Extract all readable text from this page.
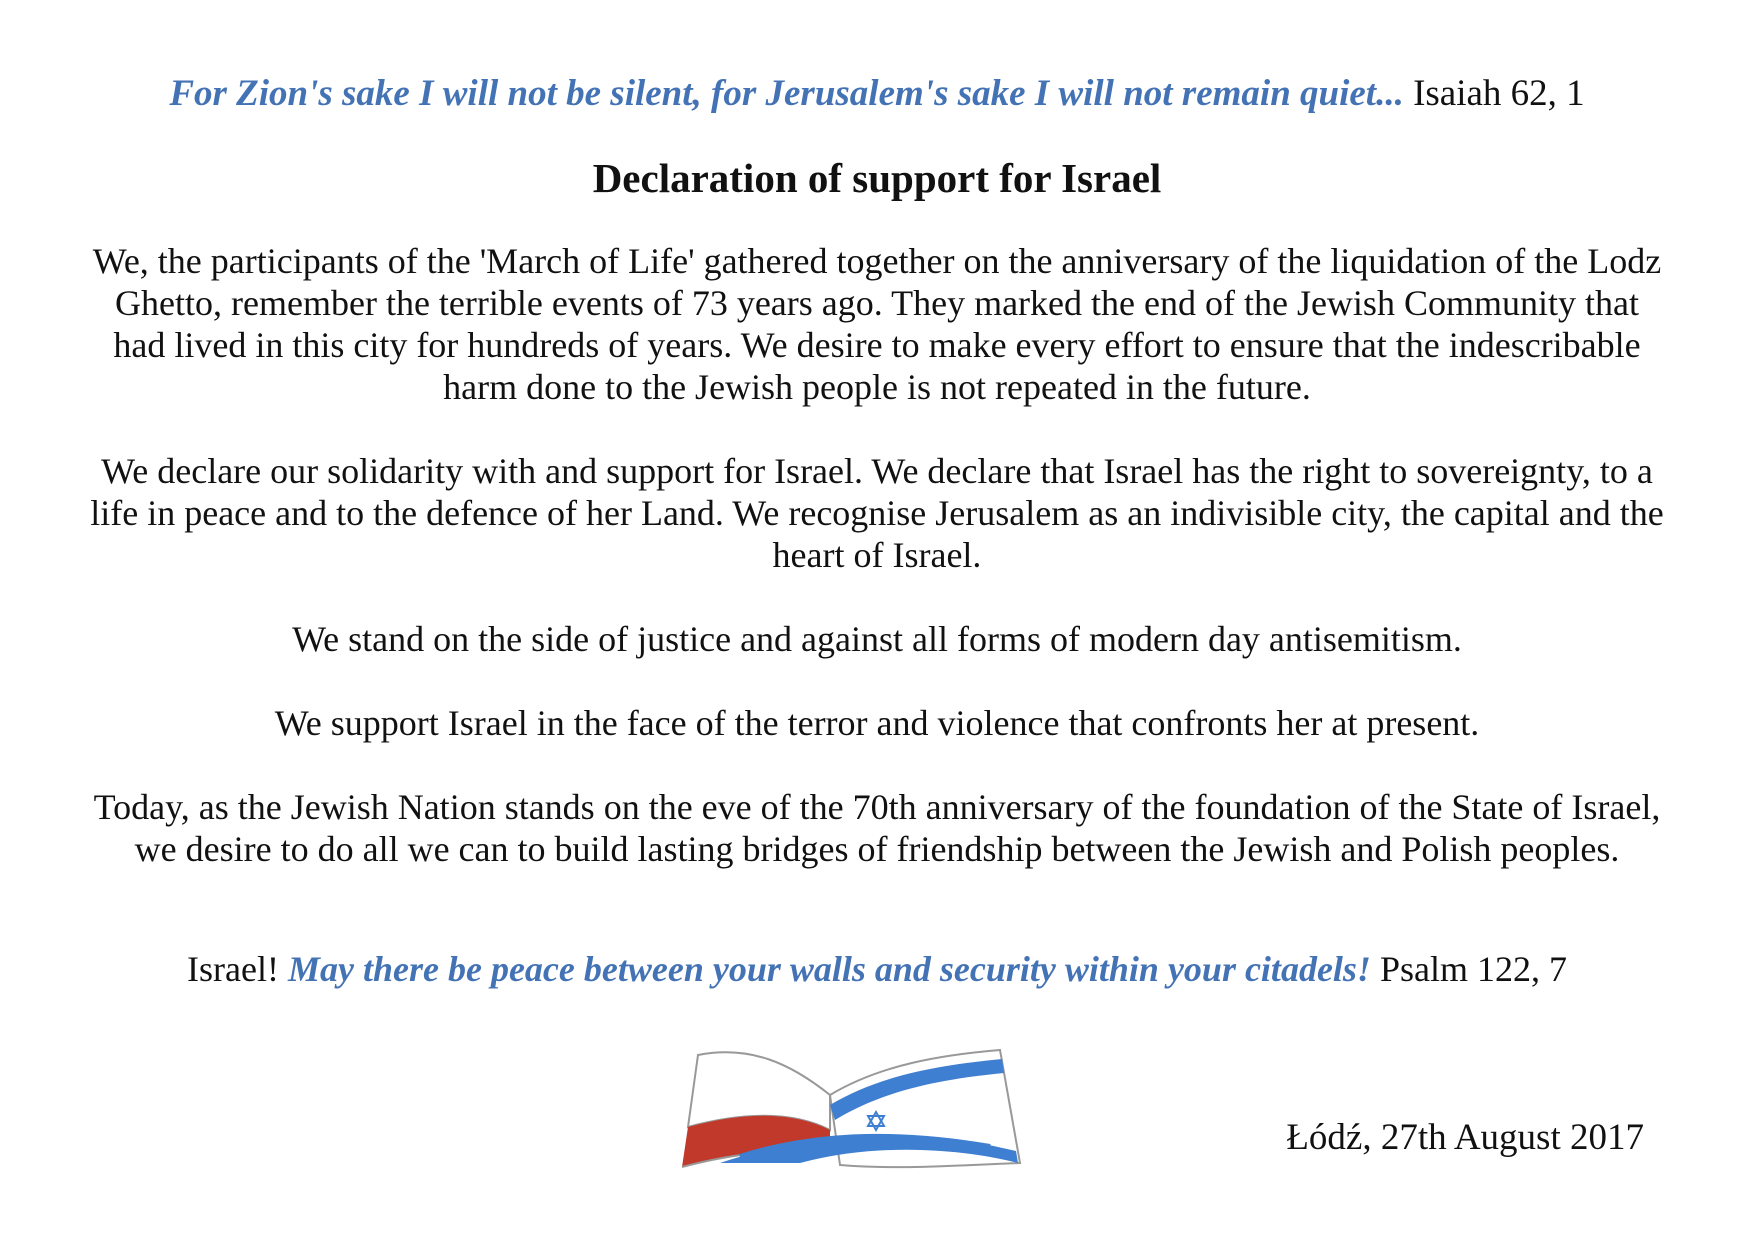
For Zion's sake I will not be silent, for Jerusalem's sake I will not remain quiet... Isaiah 62, 1
Declaration of support for Israel

We, the participants of the 'March of Life' gathered together on the anniversary of the liquidation of the Lodz Ghetto, remember the terrible events of 73 years ago. They marked the end of the Jewish Community that had lived in this city for hundreds of years. We desire to make every effort to ensure that the indescribable harm done to the Jewish people is not repeated in the future.

We declare our solidarity with and support for Israel. We declare that Israel has the right to sovereignty, to a life in peace and to the defence of her Land. We recognise Jerusalem as an indivisible city, the capital and the heart of Israel.

We stand on the side of justice and against all forms of modern day antisemitism.

We support Israel in the face of the terror and violence that confronts her at present.

Today, as the Jewish Nation stands on the eve of the 70th anniversary of the foundation of the State of Israel, we desire to do all we can to build lasting bridges of friendship between the Jewish and Polish peoples.

Israel! May there be peace between your walls and security within your citadels! Psalm 122, 7
Łódź, 27th August 2017
